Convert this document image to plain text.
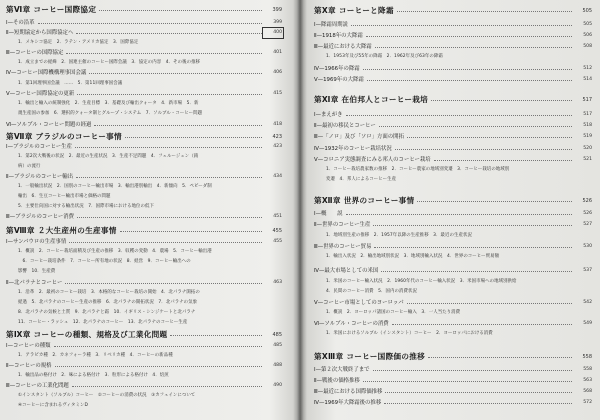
第Ⅵ章 コーヒー国際協定	399
Ⅰ—その沿革	399
Ⅱ—短期協定から国際協定へ	400
1．メキシコ協定　2．ラテン・アメリカ協定　3．国際協定
Ⅲ—コーヒーの国際協定	401
1．成立までの経緯　2．国連主催のコーヒー国際会議　3．協定の内容　4．その後の推移
Ⅳ—コーヒー国際機構理事国会議	406
1．第1回理事国会議　……　5．第11回理事国会議
Ⅴ—コーヒー国際協定の更新	415
1．輸出と輸入の統制強化　2．生産目標　3．基礎及び輸出クォータ　4．新市場　5．新
規生産国の参加　6．選択的クォータ制とグループ・システム　7．ソルブル・コーヒー問題
Ⅵ—ソルブル・コーヒー問題の経過	418
第Ⅶ章 ブラジルのコーヒー事情	423
Ⅰ—ブラジルのコーヒー生産	423
1．第2次大戦後の状況　2．最近の生産状況　3．生産不足問題　4．フェルージュン（錆
病）の流行
Ⅱ—ブラジルのコーヒー輸出	434
1．一般輸出状況　2．国別のコーヒー輸出市場　3．輸出港別輸出　4．新傾向　5．ペビーダ制
輸出　6．生豆コーヒー輸出市場と価格の問題
5．主要仕向国に対する輸出状況　7．国際市場における地位の低下
Ⅲ—ブラジルのコーヒー消費	451
第Ⅷ章 ２大生産州の生産事情	455
Ⅰ—サンパウロの生産事情	455
1．概説　2．コーヒー栽培面積及び生産の推移　3．収穫の変動　4．農場　5．コーヒー輸出港
　6．コーヒー栽培条件　7．コーヒー所有地の状況　8．経営　9．コーヒー輸出への
影響　10．生産費
Ⅱ—北パラナとコーヒー	463
1．沿革　2．最初のコーヒー栽培　3．本格的なコーヒー栽培の開始　4．北パラナ開拓の
経過　5．北パラナのコーヒー生産の推移　6．北パラナの開拓状況　7．北パラナの気象
8．北パラナの気候と土質　9．北パラナと霜　10．イギリス・シンジケートと北パラナ
11．コーヒー・ラッシュ　12．北パラナのコーヒー　13．北パラナのコーヒー生産
第Ⅸ章 コーヒーの種類、規格及び工業化問題	485
Ⅰ—コーヒーの種類	485
1．アラビカ種　2．カネフォーラ種　3．リベリカ種　4．コーヒーの新品種
Ⅱ—コーヒーの規格	488
1．輸出品の格付け　2．味による格付け　3．粒形による格付け　4．焙煎
Ⅲ—コーヒーの工業化問題	490
①インスタント（ソルブル）コーヒー　②コーヒーの消費の状況　③カフェインについて
④コーヒーに含まれるヴィタミンD
第Ⅹ章 コーヒーと降霜	505
Ⅰ—降霜周期説	505
Ⅱ—1918年の大降霜	506
Ⅲ—最近における大降霜	508
1．1953年及び55年の降霜　2．1962年及び63年の降霜
Ⅳ—1966年の降霜	512
Ⅴ—1969年の大降霜	514
第Ⅺ章 在伯邦人とコーヒー栽培	517
Ⅰ—まえがき	517
Ⅱ—最初の移民とコーヒー	518
Ⅲ—「ノロ」及び「ソロ」方面の開拓	519
Ⅳ—1932年のコーヒー栽培状況	520
Ⅴ—コロニア実態調査にみる邦人のコーヒー栽培	521
1．コーヒー栽培農家数の推移　2．コーヒー農家の地域別変遷　3．コーヒー栽培の地域別
変遷　4．邦人によるコーヒー生産
第Ⅻ章 世界のコーヒー事情	526
Ⅰ—概　　説	526
Ⅱ—世界のコーヒー生産	527
1．地域別生産の推移　2．1957年以降の生産推移　3．最近の生産状況
Ⅲ—世界のコーヒー貿易	530
1．輸出入状況　2．輸出地域別状況　3．地域別輸入状況　4．世界のコーヒー貿易額
Ⅳ—最大市場としての米国	537
1．米国のコーヒー輸入状況　2．1960年代のコーヒー輸入状況　3．米国市場への地域別供給
4．民間のコーヒー消費　5．国内の消費状況
Ⅴ—コーヒー市場としてのヨーロッパ	542
1．概説　2．ヨーロッパ諸国のコーヒー輸入　3．一人当たり消費
Ⅵ—ソルブル・コーヒーの消費	549
1．米国におけるソルブル（インスタント）コーヒー　2．ヨーロッパにおける消費
第ⅩⅢ章 コーヒー国際価の推移	558
Ⅰ—第２次大戦終了まで	558
Ⅱ—戦後の価格推移	563
Ⅲ—最近における国際価推移	568
Ⅳ—1969年大降霜後の推移	572
